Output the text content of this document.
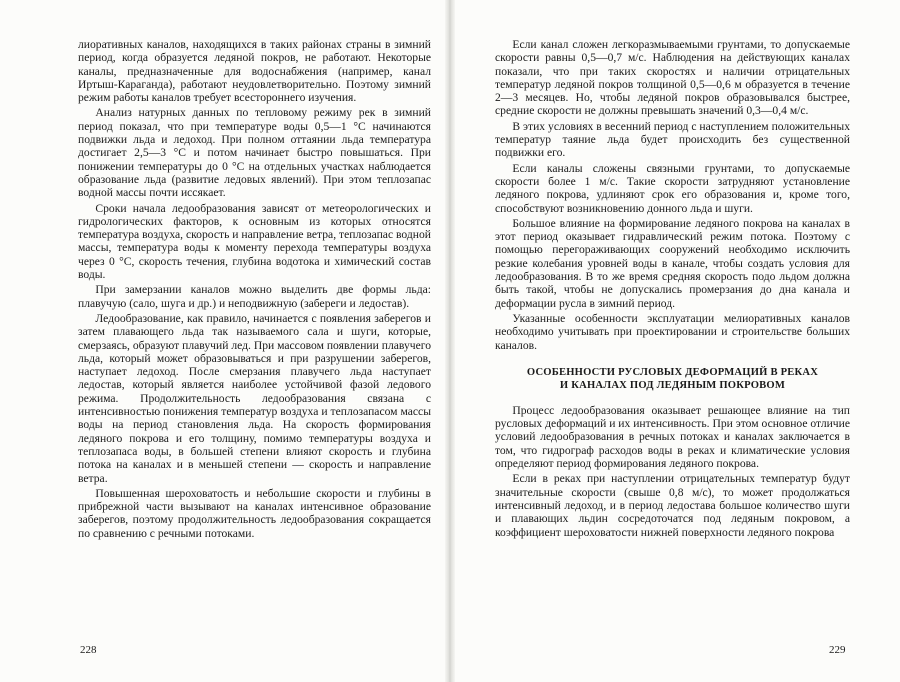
лиоративных каналов, находящихся в таких районах страны в зимний период, когда образуется ледяной покров, не работают. Некоторые каналы, предназначенные для водоснабжения (например, канал Иртыш-Караганда), работают неудовлетворительно. Поэтому зимний режим работы каналов требует всестороннего изучения.

Анализ натурных данных по тепловому режиму рек в зимний период показал, что при температуре воды 0,5—1 °С начинаются подвижки льда и ледоход. При полном оттаянии льда температура достигает 2,5—3 °С и потом начинает быстро повышаться. При понижении температуры до 0 °С на отдельных участках наблюдается образование льда (развитие ледовых явлений). При этом теплозапас водной массы почти иссякает.

Сроки начала ледообразования зависят от метеорологических и гидрологических факторов, к основным из которых относятся температура воздуха, скорость и направление ветра, теплозапас водной массы, температура воды к моменту перехода температуры воздуха через 0 °С, скорость течения, глубина водотока и химический состав воды.

При замерзании каналов можно выделить две формы льда: плавучую (сало, шуга и др.) и неподвижную (забереги и ледостав).

Ледообразование, как правило, начинается с появления заберегов и затем плавающего льда так называемого сала и шуги, которые, смерзаясь, образуют плавучий лед. При массовом появлении плавучего льда, который может образовываться и при разрушении заберегов, наступает ледоход. После смерзания плавучего льда наступает ледостав, который является наиболее устойчивой фазой ледового режима. Продолжительность ледообразования связана с интенсивностью понижения температур воздуха и теплозапасом массы воды на период становления льда. На скорость формирования ледяного покрова и его толщину, помимо температуры воздуха и теплозапаса воды, в большей степени влияют скорость и глубина потока на каналах и в меньшей степени — скорость и направление ветра.

Повышенная шероховатость и небольшие скорости и глубины в прибрежной части вызывают на каналах интенсивное образование заберегов, поэтому продолжительность ледообразования сокращается по сравнению с речными потоками.

228

Если канал сложен легкоразмываемыми грунтами, то допускаемые скорости равны 0,5—0,7 м/с. Наблюдения на действующих каналах показали, что при таких скоростях и наличии отрицательных температур ледяной покров толщиной 0,5—0,6 м образуется в течение 2—3 месяцев. Но, чтобы ледяной покров образовывался быстрее, средние скорости не должны превышать значений 0,3—0,4 м/с.

В этих условиях в весенний период с наступлением положительных температур таяние льда будет происходить без существенной подвижки его.

Если каналы сложены связными грунтами, то допускаемые скорости более 1 м/с. Такие скорости затрудняют установление ледяного покрова, удлиняют срок его образования и, кроме того, способствуют возникновению донного льда и шуги.

Большое влияние на формирование ледяного покрова на каналах в этот период оказывает гидравлический режим потока. Поэтому с помощью перегораживающих сооружений необходимо исключить резкие колебания уровней воды в канале, чтобы создать условия для ледообразования. В то же время средняя скорость подо льдом должна быть такой, чтобы не допускались промерзания до дна канала и деформации русла в зимний период.

Указанные особенности эксплуатации мелиоративных каналов необходимо учитывать при проектировании и строительстве больших каналов.

ОСОБЕННОСТИ РУСЛОВЫХ ДЕФОРМАЦИЙ В РЕКАХ
И КАНАЛАХ ПОД ЛЕДЯНЫМ ПОКРОВОМ

Процесс ледообразования оказывает решающее влияние на тип русловых деформаций и их интенсивность. При этом основное отличие условий ледообразования в речных потоках и каналах заключается в том, что гидрограф расходов воды в реках и климатические условия определяют период формирования ледяного покрова.

Если в реках при наступлении отрицательных температур будут значительные скорости (свыше 0,8 м/с), то может продолжаться интенсивный ледоход, и в период ледостава большое количество шуги и плавающих льдин сосредоточатся под ледяным покровом, а коэффициент шероховатости нижней поверхности ледяного покрова

229
